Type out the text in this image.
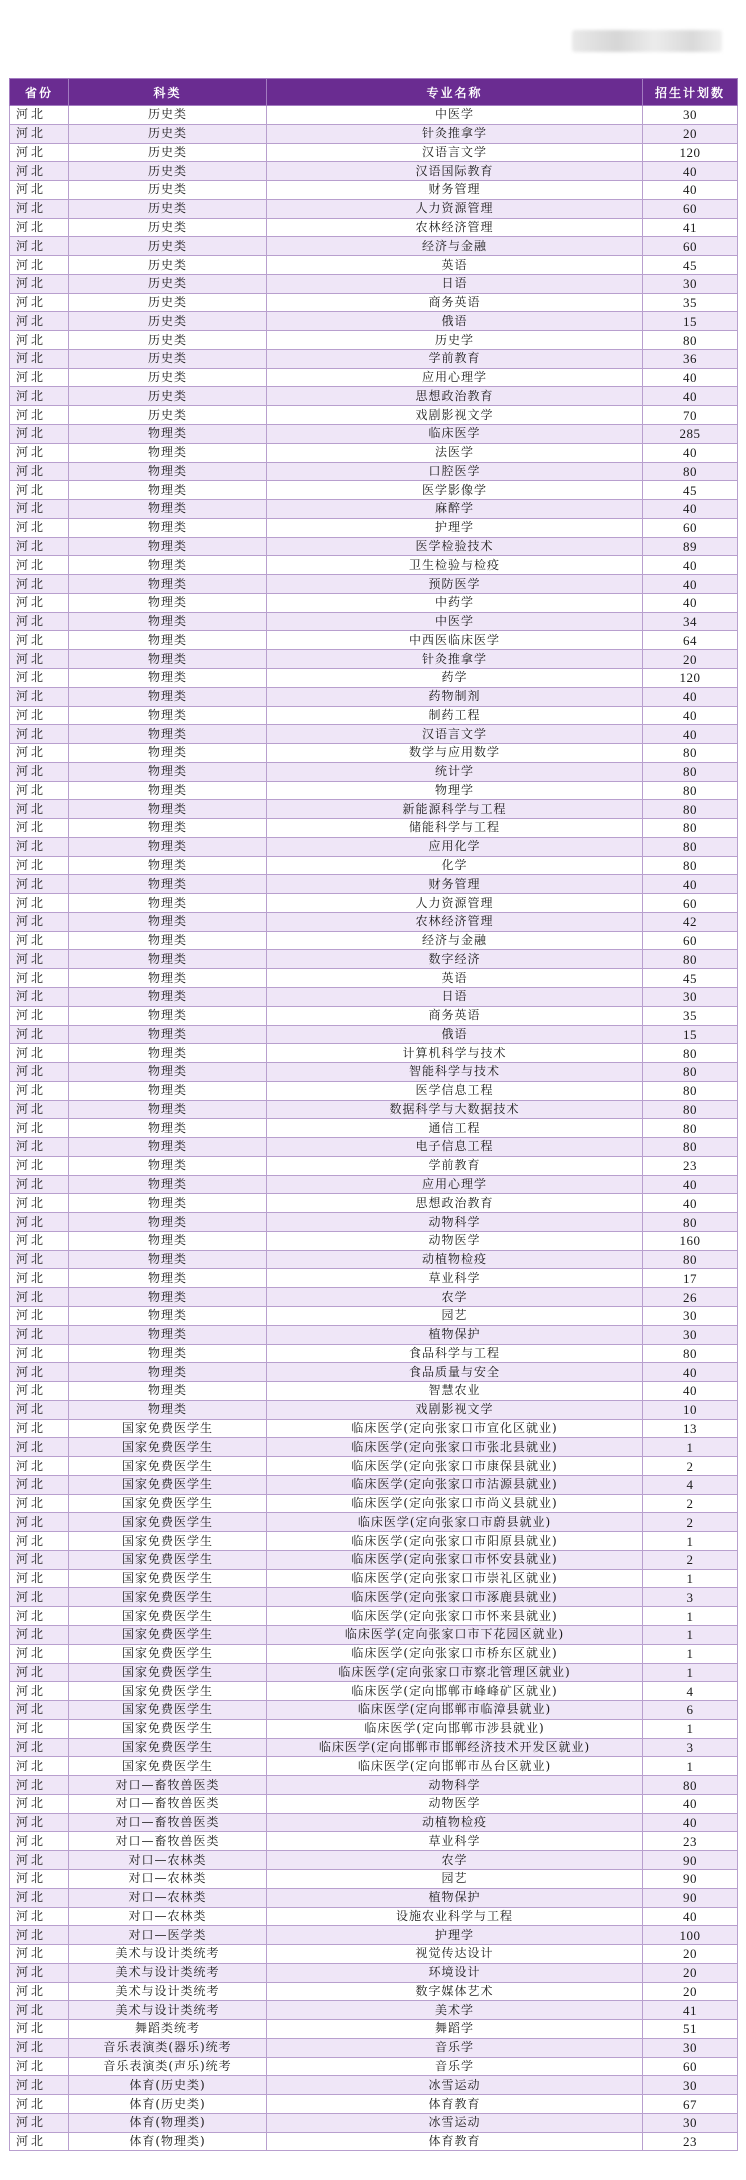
省份	科类	专业名称	招生计划数
河北	历史类	中医学	30
河北	历史类	针灸推拿学	20
河北	历史类	汉语言文学	120
河北	历史类	汉语国际教育	40
河北	历史类	财务管理	40
河北	历史类	人力资源管理	60
河北	历史类	农林经济管理	41
河北	历史类	经济与金融	60
河北	历史类	英语	45
河北	历史类	日语	30
河北	历史类	商务英语	35
河北	历史类	俄语	15
河北	历史类	历史学	80
河北	历史类	学前教育	36
河北	历史类	应用心理学	40
河北	历史类	思想政治教育	40
河北	历史类	戏剧影视文学	70
河北	物理类	临床医学	285
河北	物理类	法医学	40
河北	物理类	口腔医学	80
河北	物理类	医学影像学	45
河北	物理类	麻醉学	40
河北	物理类	护理学	60
河北	物理类	医学检验技术	89
河北	物理类	卫生检验与检疫	40
河北	物理类	预防医学	40
河北	物理类	中药学	40
河北	物理类	中医学	34
河北	物理类	中西医临床医学	64
河北	物理类	针灸推拿学	20
河北	物理类	药学	120
河北	物理类	药物制剂	40
河北	物理类	制药工程	40
河北	物理类	汉语言文学	40
河北	物理类	数学与应用数学	80
河北	物理类	统计学	80
河北	物理类	物理学	80
河北	物理类	新能源科学与工程	80
河北	物理类	储能科学与工程	80
河北	物理类	应用化学	80
河北	物理类	化学	80
河北	物理类	财务管理	40
河北	物理类	人力资源管理	60
河北	物理类	农林经济管理	42
河北	物理类	经济与金融	60
河北	物理类	数字经济	80
河北	物理类	英语	45
河北	物理类	日语	30
河北	物理类	商务英语	35
河北	物理类	俄语	15
河北	物理类	计算机科学与技术	80
河北	物理类	智能科学与技术	80
河北	物理类	医学信息工程	80
河北	物理类	数据科学与大数据技术	80
河北	物理类	通信工程	80
河北	物理类	电子信息工程	80
河北	物理类	学前教育	23
河北	物理类	应用心理学	40
河北	物理类	思想政治教育	40
河北	物理类	动物科学	80
河北	物理类	动物医学	160
河北	物理类	动植物检疫	80
河北	物理类	草业科学	17
河北	物理类	农学	26
河北	物理类	园艺	30
河北	物理类	植物保护	30
河北	物理类	食品科学与工程	80
河北	物理类	食品质量与安全	40
河北	物理类	智慧农业	40
河北	物理类	戏剧影视文学	10
河北	国家免费医学生	临床医学(定向张家口市宣化区就业)	13
河北	国家免费医学生	临床医学(定向张家口市张北县就业)	1
河北	国家免费医学生	临床医学(定向张家口市康保县就业)	2
河北	国家免费医学生	临床医学(定向张家口市沽源县就业)	4
河北	国家免费医学生	临床医学(定向张家口市尚义县就业)	2
河北	国家免费医学生	临床医学(定向张家口市蔚县就业)	2
河北	国家免费医学生	临床医学(定向张家口市阳原县就业)	1
河北	国家免费医学生	临床医学(定向张家口市怀安县就业)	2
河北	国家免费医学生	临床医学(定向张家口市崇礼区就业)	1
河北	国家免费医学生	临床医学(定向张家口市涿鹿县就业)	3
河北	国家免费医学生	临床医学(定向张家口市怀来县就业)	1
河北	国家免费医学生	临床医学(定向张家口市下花园区就业)	1
河北	国家免费医学生	临床医学(定向张家口市桥东区就业)	1
河北	国家免费医学生	临床医学(定向张家口市察北管理区就业)	1
河北	国家免费医学生	临床医学(定向邯郸市峰峰矿区就业)	4
河北	国家免费医学生	临床医学(定向邯郸市临漳县就业)	6
河北	国家免费医学生	临床医学(定向邯郸市涉县就业)	1
河北	国家免费医学生	临床医学(定向邯郸市邯郸经济技术开发区就业)	3
河北	国家免费医学生	临床医学(定向邯郸市丛台区就业)	1
河北	对口—畜牧兽医类	动物科学	80
河北	对口—畜牧兽医类	动物医学	40
河北	对口—畜牧兽医类	动植物检疫	40
河北	对口—畜牧兽医类	草业科学	23
河北	对口—农林类	农学	90
河北	对口—农林类	园艺	90
河北	对口—农林类	植物保护	90
河北	对口—农林类	设施农业科学与工程	40
河北	对口—医学类	护理学	100
河北	美术与设计类统考	视觉传达设计	20
河北	美术与设计类统考	环境设计	20
河北	美术与设计类统考	数字媒体艺术	20
河北	美术与设计类统考	美术学	41
河北	舞蹈类统考	舞蹈学	51
河北	音乐表演类(器乐)统考	音乐学	30
河北	音乐表演类(声乐)统考	音乐学	60
河北	体育(历史类)	冰雪运动	30
河北	体育(历史类)	体育教育	67
河北	体育(物理类)	冰雪运动	30
河北	体育(物理类)	体育教育	23
